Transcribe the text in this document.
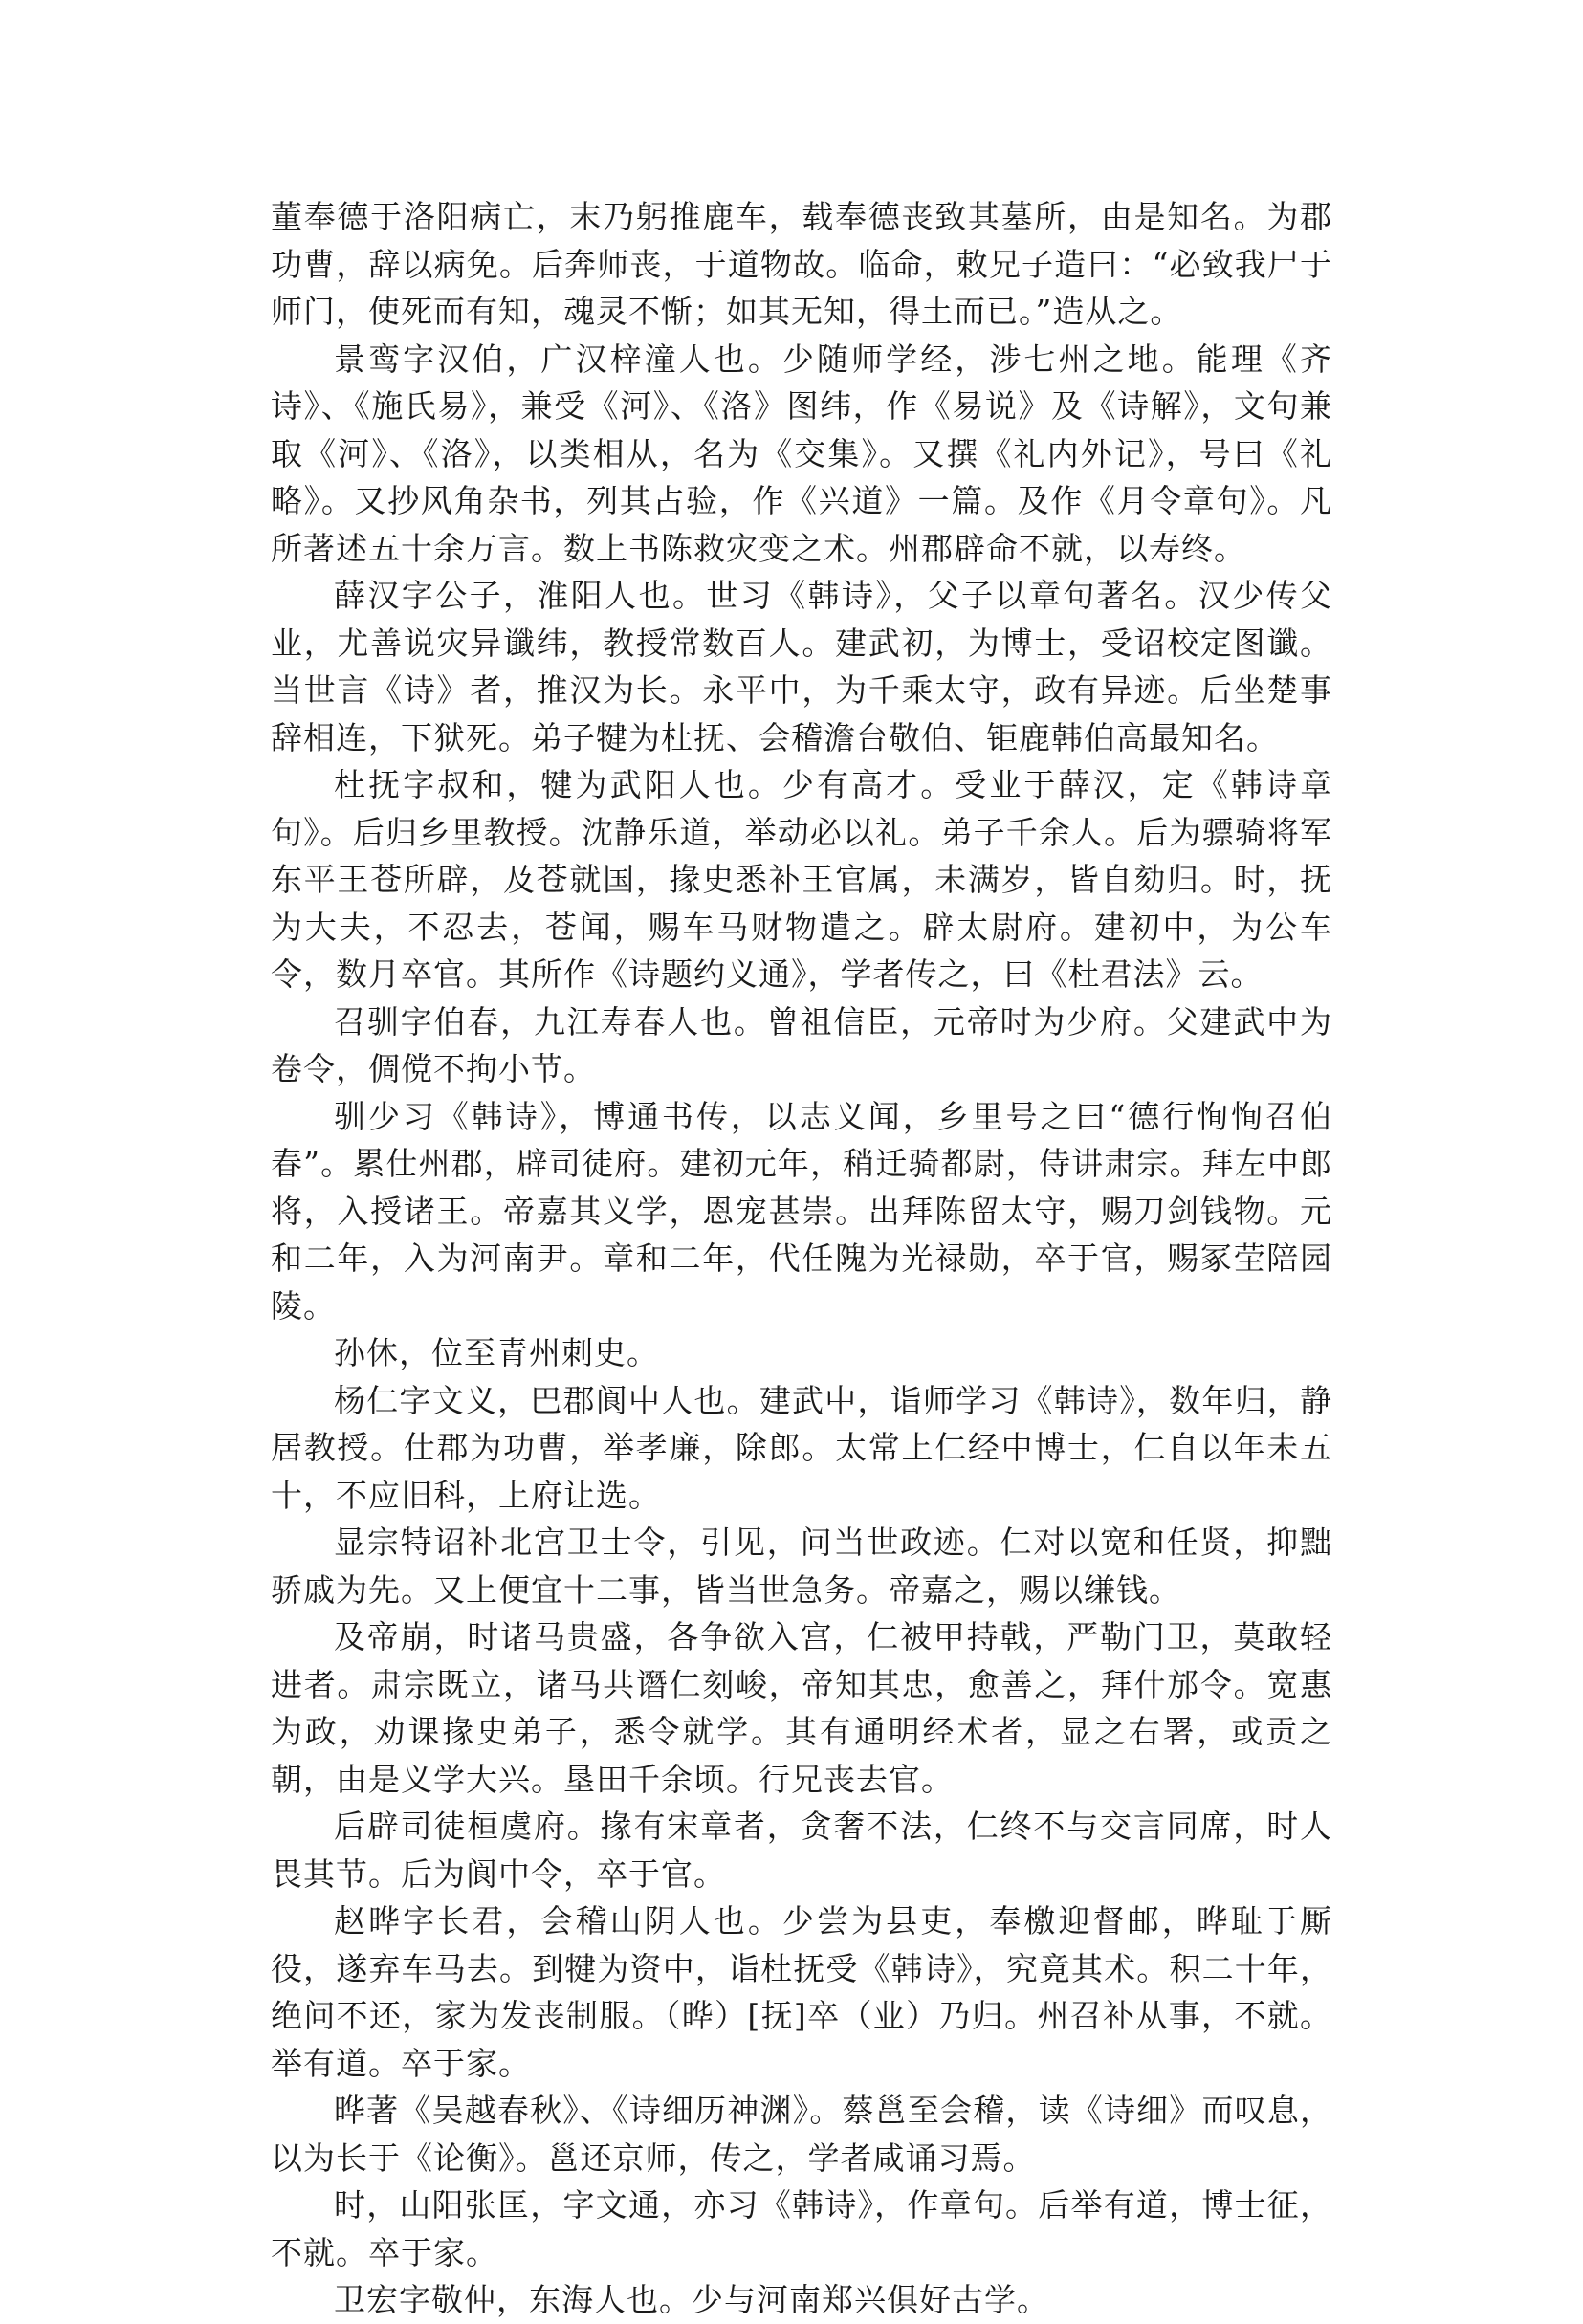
董奉德于洛阳病亡，末乃躬推鹿车，载奉德丧致其墓所，由是知名。为郡功曹，辞以病免。后奔师丧，于道物故。临命，敕兄子造曰：“必致我尸于师门，使死而有知，魂灵不惭；如其无知，得土而已。”造从之。

景鸾字汉伯，广汉梓潼人也。少随师学经，涉七州之地。能理《齐诗》、《施氏易》，兼受《河》、《洛》图纬，作《易说》及《诗解》，文句兼取《河》、《洛》，以类相从，名为《交集》。又撰《礼内外记》，号曰《礼略》。又抄风角杂书，列其占验，作《兴道》一篇。及作《月令章句》。凡所著述五十余万言。数上书陈救灾变之术。州郡辟命不就，以寿终。

薛汉字公子，淮阳人也。世习《韩诗》，父子以章句著名。汉少传父业，尤善说灾异谶纬，教授常数百人。建武初，为博士，受诏校定图谶。当世言《诗》者，推汉为长。永平中，为千乘太守，政有异迹。后坐楚事辞相连，下狱死。弟子犍为杜抚、会稽澹台敬伯、钜鹿韩伯高最知名。

杜抚字叔和，犍为武阳人也。少有高才。受业于薛汉，定《韩诗章句》。后归乡里教授。沈静乐道，举动必以礼。弟子千余人。后为骠骑将军东平王苍所辟，及苍就国，掾史悉补王官属，未满岁，皆自劾归。时，抚为大夫，不忍去，苍闻，赐车马财物遣之。辟太尉府。建初中，为公车令，数月卒官。其所作《诗题约义通》，学者传之，曰《杜君法》云。

召驯字伯春，九江寿春人也。曾祖信臣，元帝时为少府。父建武中为卷令，倜傥不拘小节。

驯少习《韩诗》，博通书传，以志义闻，乡里号之曰“德行恂恂召伯春”。累仕州郡，辟司徒府。建初元年，稍迁骑都尉，侍讲肃宗。拜左中郎将，入授诸王。帝嘉其义学，恩宠甚崇。出拜陈留太守，赐刀剑钱物。元和二年，入为河南尹。章和二年，代任隗为光禄勋，卒于官，赐冢茔陪园陵。

孙休，位至青州刺史。

杨仁字文义，巴郡阆中人也。建武中，诣师学习《韩诗》，数年归，静居教授。仕郡为功曹，举孝廉，除郎。太常上仁经中博士，仁自以年未五十，不应旧科，上府让选。

显宗特诏补北宫卫士令，引见，问当世政迹。仁对以宽和任贤，抑黜骄戚为先。又上便宜十二事，皆当世急务。帝嘉之，赐以缣钱。

及帝崩，时诸马贵盛，各争欲入宫，仁被甲持戟，严勒门卫，莫敢轻进者。肃宗既立，诸马共谮仁刻峻，帝知其忠，愈善之，拜什邡令。宽惠为政，劝课掾史弟子，悉令就学。其有通明经术者，显之右署，或贡之朝，由是义学大兴。垦田千余顷。行兄丧去官。

后辟司徒桓虞府。掾有宋章者，贪奢不法，仁终不与交言同席，时人畏其节。后为阆中令，卒于官。

赵晔字长君，会稽山阴人也。少尝为县吏，奉檄迎督邮，晔耻于厮役，遂弃车马去。到犍为资中，诣杜抚受《韩诗》，究竟其术。积二十年，绝问不还，家为发丧制服。（晔）[抚]卒（业）乃归。州召补从事，不就。举有道。卒于家。

晔著《吴越春秋》、《诗细历神渊》。蔡邕至会稽，读《诗细》而叹息，以为长于《论衡》。邕还京师，传之，学者咸诵习焉。

时，山阳张匡，字文通，亦习《韩诗》，作章句。后举有道，博士征，不就。卒于家。

卫宏字敬仲，东海人也。少与河南郑兴俱好古学。
